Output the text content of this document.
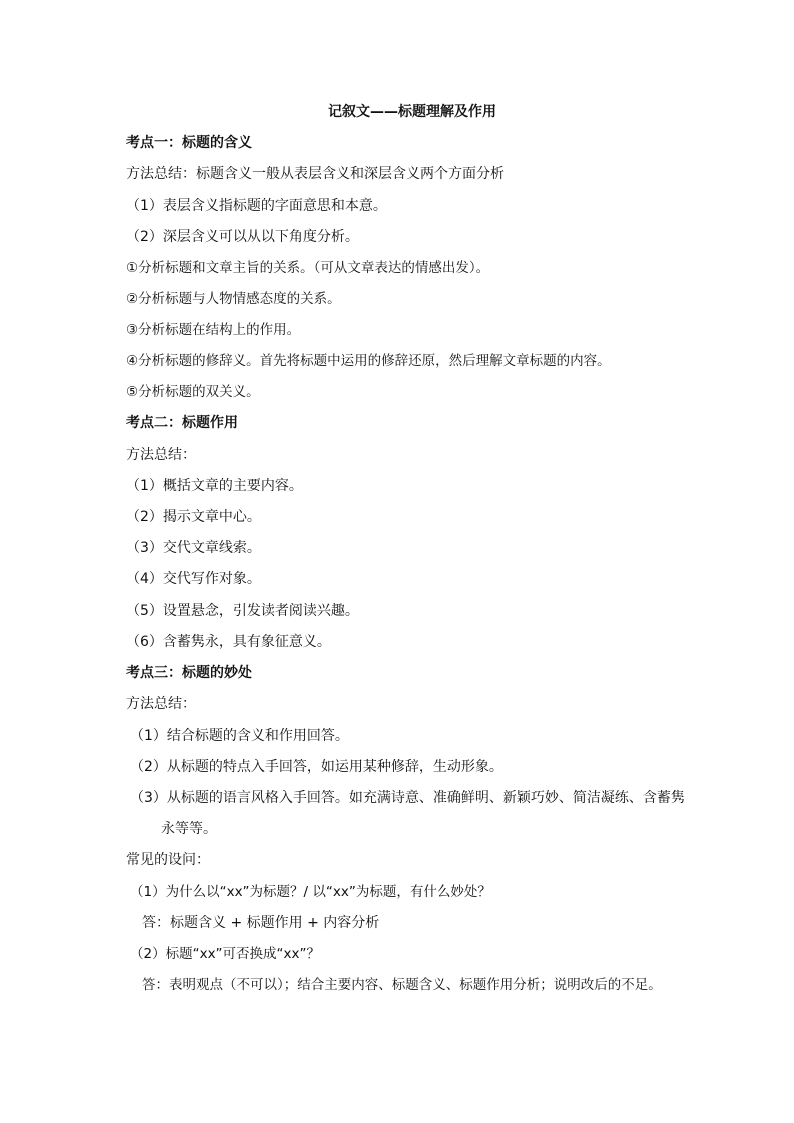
记叙文——标题理解及作用
考点一：标题的含义
方法总结：标题含义一般从表层含义和深层含义两个方面分析
（1）表层含义指标题的字面意思和本意。
（2）深层含义可以从以下角度分析。
①分析标题和文章主旨的关系。（可从文章表达的情感出发）。
②分析标题与人物情感态度的关系。
③分析标题在结构上的作用。
④分析标题的修辞义。首先将标题中运用的修辞还原，然后理解文章标题的内容。
⑤分析标题的双关义。
考点二：标题作用
方法总结：
（1）概括文章的主要内容。
（2）揭示文章中心。
（3）交代文章线索。
（4）交代写作对象。
（5）设置悬念，引发读者阅读兴趣。
（6）含蓄隽永，具有象征意义。
考点三：标题的妙处
方法总结：
（1）结合标题的含义和作用回答。
（2）从标题的特点入手回答，如运用某种修辞，生动形象。
（3）从标题的语言风格入手回答。如充满诗意、准确鲜明、新颖巧妙、简洁凝练、含蓄隽
永等等。
常见的设问：
（1）为什么以“xx”为标题？/ 以“xx”为标题，有什么妙处？
答：标题含义 + 标题作用 + 内容分析
（2）标题“xx”可否换成“xx”？
答：表明观点（不可以）；结合主要内容、标题含义、标题作用分析；说明改后的不足。
